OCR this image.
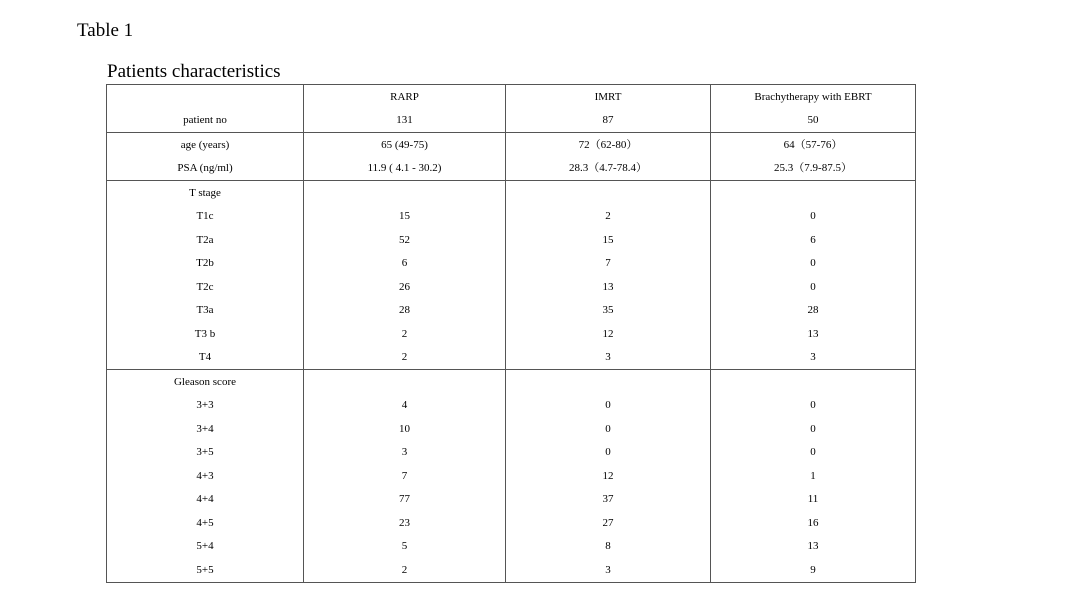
Table 1
Patients characteristics
	RARP	IMRT	Brachytherapy with EBRT
patient no	131	87	50
age (years)	65 (49-75)	72（62-80）	64（57-76）
PSA (ng/ml)	11.9 ( 4.1 - 30.2)	28.3（4.7-78.4）	25.3（7.9-87.5）
T stage			
T1c	15	2	0
T2a	52	15	6
T2b	6	7	0
T2c	26	13	0
T3a	28	35	28
T3 b	2	12	13
T4	2	3	3
Gleason score			
3+3	4	0	0
3+4	10	0	0
3+5	3	0	0
4+3	7	12	1
4+4	77	37	11
4+5	23	27	16
5+4	5	8	13
5+5	2	3	9
